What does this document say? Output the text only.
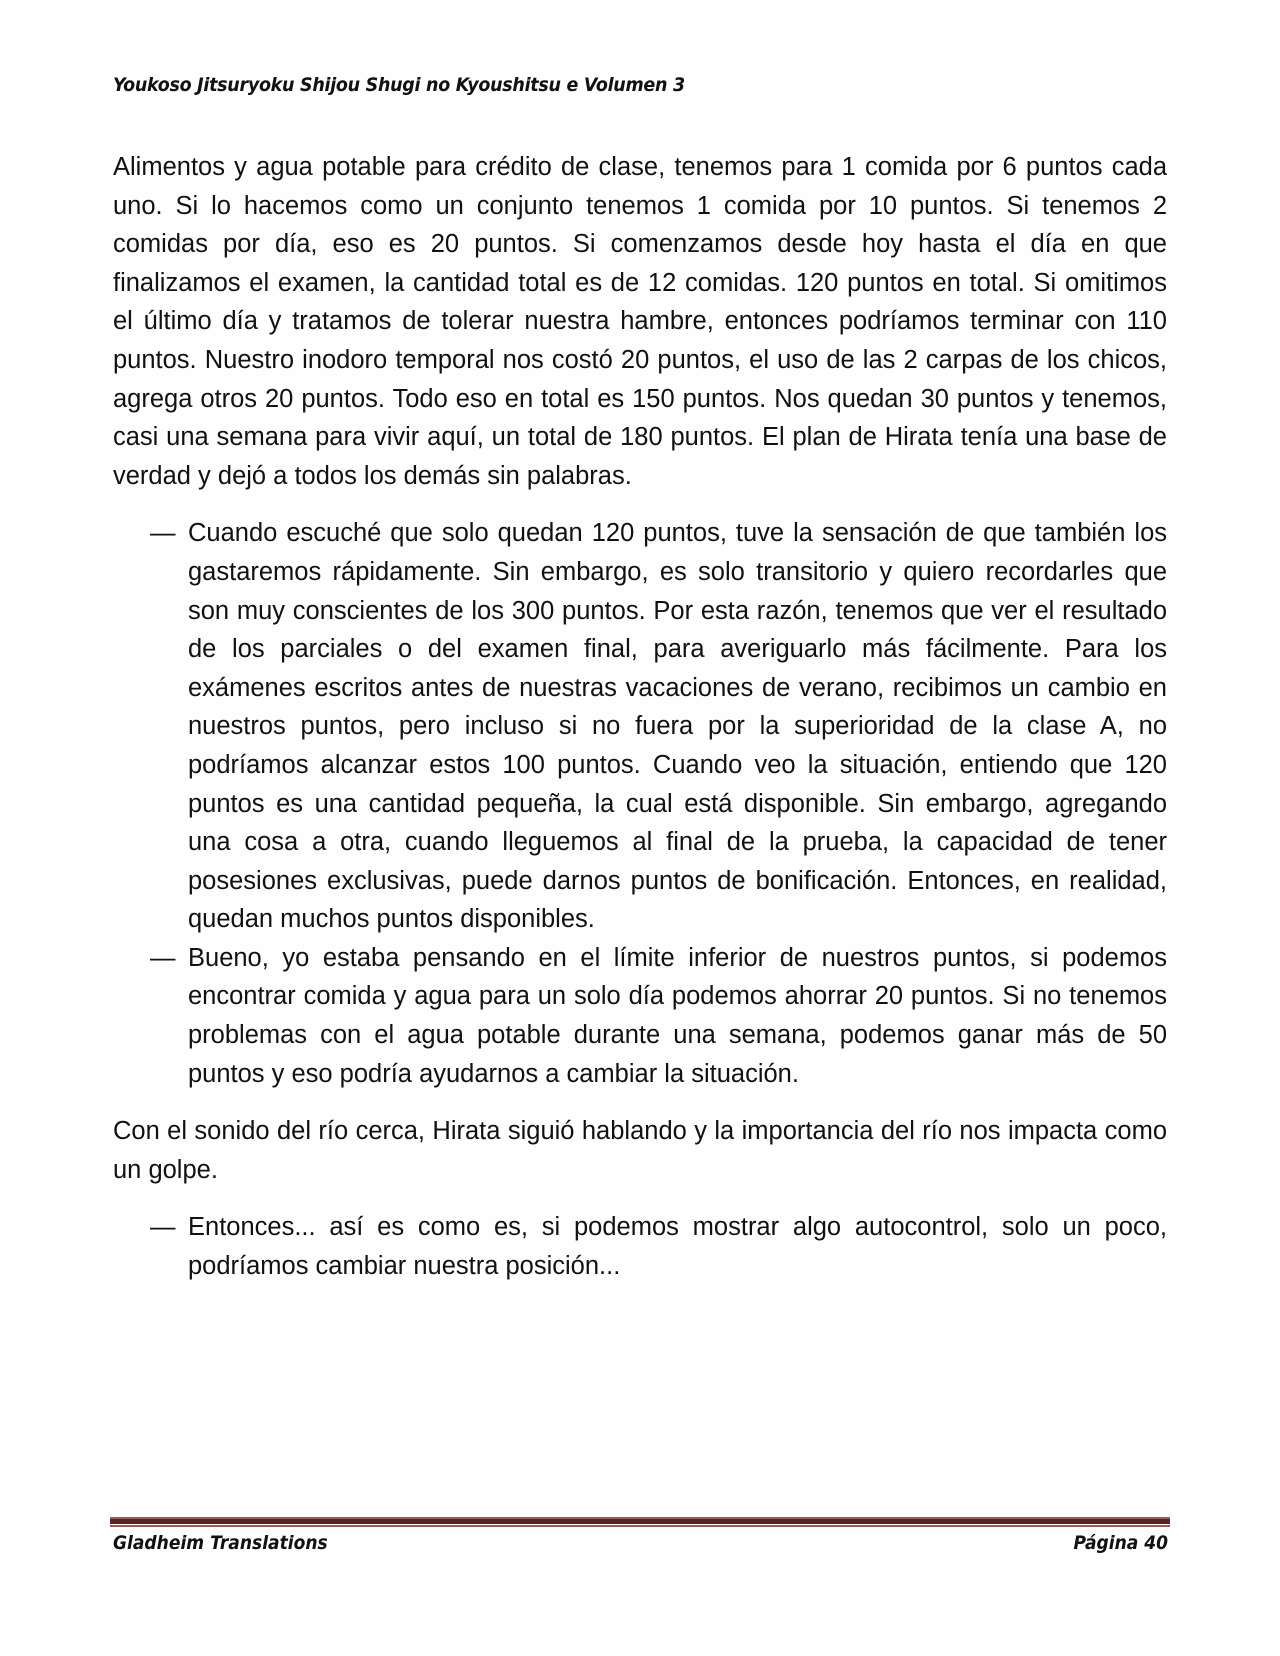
Youkoso Jitsuryoku Shijou Shugi no Kyoushitsu e Volumen 3

Alimentos y agua potable para crédito de clase, tenemos para 1 comida por 6 puntos cada uno. Si lo hacemos como un conjunto tenemos 1 comida por 10 puntos. Si tenemos 2 comidas por día, eso es 20 puntos. Si comenzamos desde hoy hasta el día en que finalizamos el examen, la cantidad total es de 12 comidas. 120 puntos en total. Si omitimos el último día y tratamos de tolerar nuestra hambre, entonces podríamos terminar con 110 puntos. Nuestro inodoro temporal nos costó 20 puntos, el uso de las 2 carpas de los chicos, agrega otros 20 puntos. Todo eso en total es 150 puntos. Nos quedan 30 puntos y tenemos, casi una semana para vivir aquí, un total de 180 puntos. El plan de Hirata tenía una base de verdad y dejó a todos los demás sin palabras.

— Cuando escuché que solo quedan 120 puntos, tuve la sensación de que también los gastaremos rápidamente. Sin embargo, es solo transitorio y quiero recordarles que son muy conscientes de los 300 puntos. Por esta razón, tenemos que ver el resultado de los parciales o del examen final, para averiguarlo más fácilmente. Para los exámenes escritos antes de nuestras vacaciones de verano, recibimos un cambio en nuestros puntos, pero incluso si no fuera por la superioridad de la clase A, no podríamos alcanzar estos 100 puntos. Cuando veo la situación, entiendo que 120 puntos es una cantidad pequeña, la cual está disponible. Sin embargo, agregando una cosa a otra, cuando lleguemos al final de la prueba, la capacidad de tener posesiones exclusivas, puede darnos puntos de bonificación. Entonces, en realidad, quedan muchos puntos disponibles.

— Bueno, yo estaba pensando en el límite inferior de nuestros puntos, si podemos encontrar comida y agua para un solo día podemos ahorrar 20 puntos. Si no tenemos problemas con el agua potable durante una semana, podemos ganar más de 50 puntos y eso podría ayudarnos a cambiar la situación.

Con el sonido del río cerca, Hirata siguió hablando y la importancia del río nos impacta como un golpe.

— Entonces... así es como es, si podemos mostrar algo autocontrol, solo un poco, podríamos cambiar nuestra posición...

Gladheim Translations	Página 40
